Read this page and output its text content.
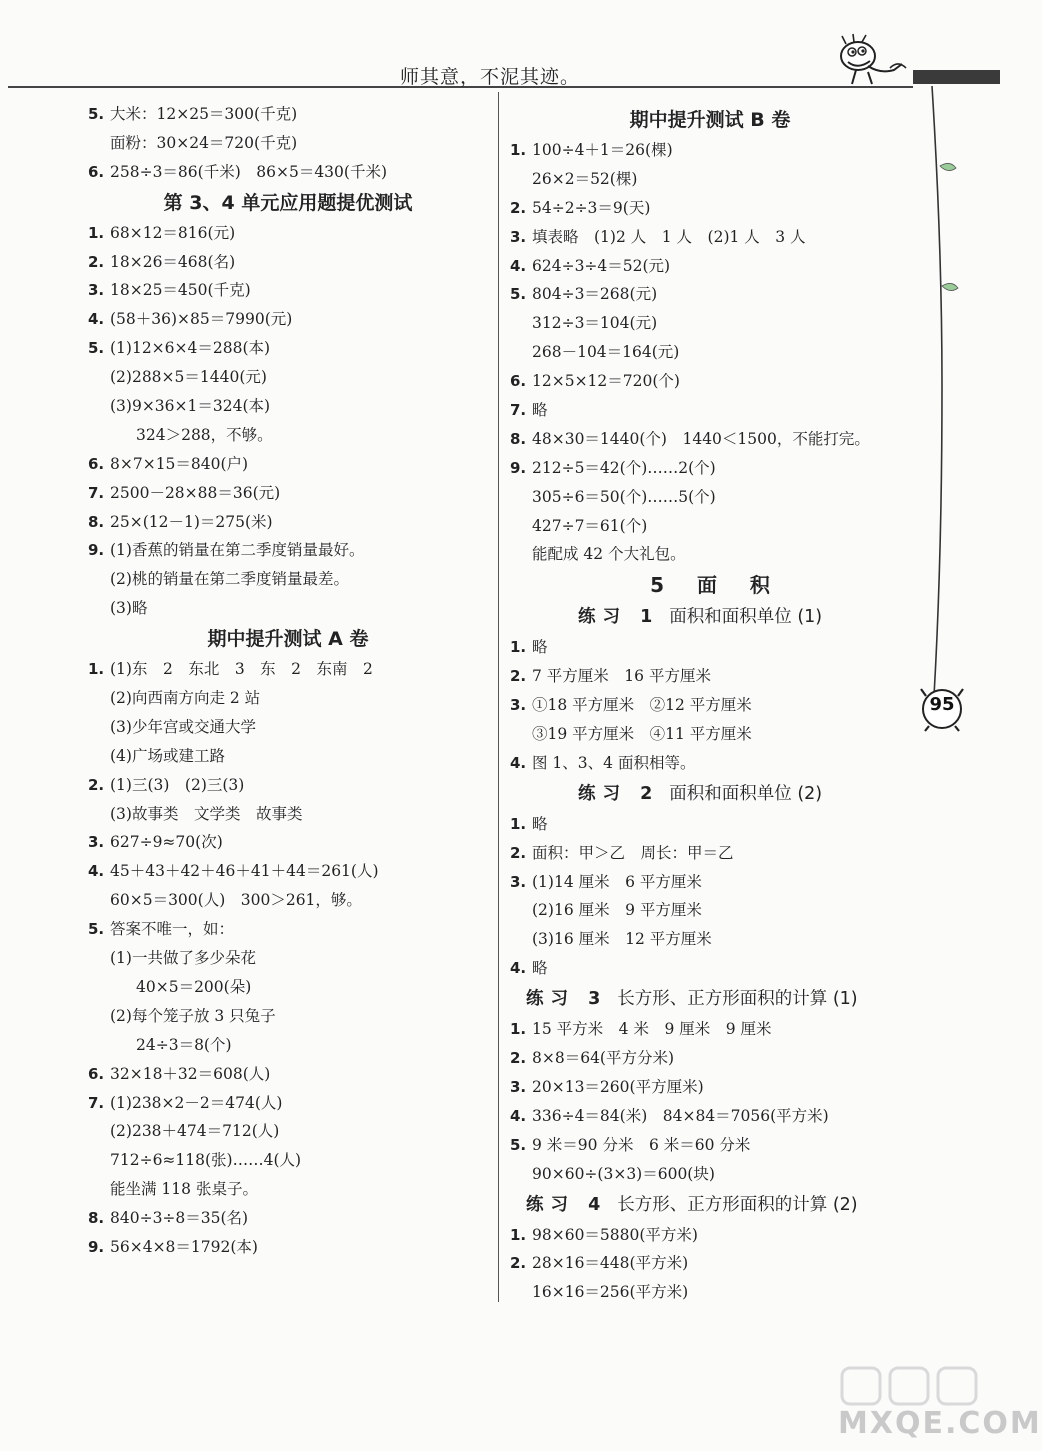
师其意，不泥其迹。
95
5. 大米：12×25＝300(千克)
面粉：30×24＝720(千克)
6. 258÷3＝86(千米)　86×5＝430(千米)
第 3、4 单元应用题提优测试
1. 68×12＝816(元)
2. 18×26＝468(名)
3. 18×25＝450(千克)
4. (58＋36)×85＝7990(元)
5. (1)12×6×4＝288(本)
(2)288×5＝1440(元)
(3)9×36×1＝324(本)
324＞288，不够。
6. 8×7×15＝840(户)
7. 2500－28×88＝36(元)
8. 25×(12－1)＝275(米)
9. (1)香蕉的销量在第二季度销量最好。
(2)桃的销量在第二季度销量最差。
(3)略
期中提升测试 A 卷
1. (1)东　2　东北　3　东　2　东南　2
(2)向西南方向走 2 站
(3)少年宫或交通大学
(4)广场或建工路
2. (1)三(3)　(2)三(3)
(3)故事类　文学类　故事类
3. 627÷9≈70(次)
4. 45＋43＋42＋46＋41＋44＝261(人)
60×5＝300(人)　300＞261，够。
5. 答案不唯一，如：
(1)一共做了多少朵花
40×5＝200(朵)
(2)每个笼子放 3 只兔子
24÷3＝8(个)
6. 32×18＋32＝608(人)
7. (1)238×2－2＝474(人)
(2)238＋474＝712(人)
712÷6≈118(张)……4(人)
能坐满 118 张桌子。
8. 840÷3÷8＝35(名)
9. 56×4×8＝1792(本)
期中提升测试 B 卷
1. 100÷4＋1＝26(棵)
26×2＝52(棵)
2. 54÷2÷3＝9(天)
3. 填表略　(1)2 人　1 人　(2)1 人　3 人
4. 624÷3÷4＝52(元)
5. 804÷3＝268(元)
312÷3＝104(元)
268－104＝164(元)
6. 12×5×12＝720(个)
7. 略
8. 48×30＝1440(个)　1440＜1500，不能打完。
9. 212÷5＝42(个)……2(个)
305÷6＝50(个)……5(个)
427÷7＝61(个)
能配成 42 个大礼包。
5 面 积
练习 1 面积和面积单位 (1)
1. 略
2. 7 平方厘米　16 平方厘米
3. ①18 平方厘米　②12 平方厘米
③19 平方厘米　④11 平方厘米
4. 图 1、3、4 面积相等。
练习 2 面积和面积单位 (2)
1. 略
2. 面积：甲＞乙　周长：甲＝乙
3. (1)14 厘米　6 平方厘米
(2)16 厘米　9 平方厘米
(3)16 厘米　12 平方厘米
4. 略
练习 3 长方形、正方形面积的计算 (1)
1. 15 平方米　4 米　9 厘米　9 厘米
2. 8×8＝64(平方分米)
3. 20×13＝260(平方厘米)
4. 336÷4＝84(米)　84×84＝7056(平方米)
5. 9 米＝90 分米　6 米＝60 分米
90×60÷(3×3)＝600(块)
练习 4 长方形、正方形面积的计算 (2)
1. 98×60＝5880(平方米)
2. 28×16＝448(平方米)
16×16＝256(平方米)
MXQE.COM
